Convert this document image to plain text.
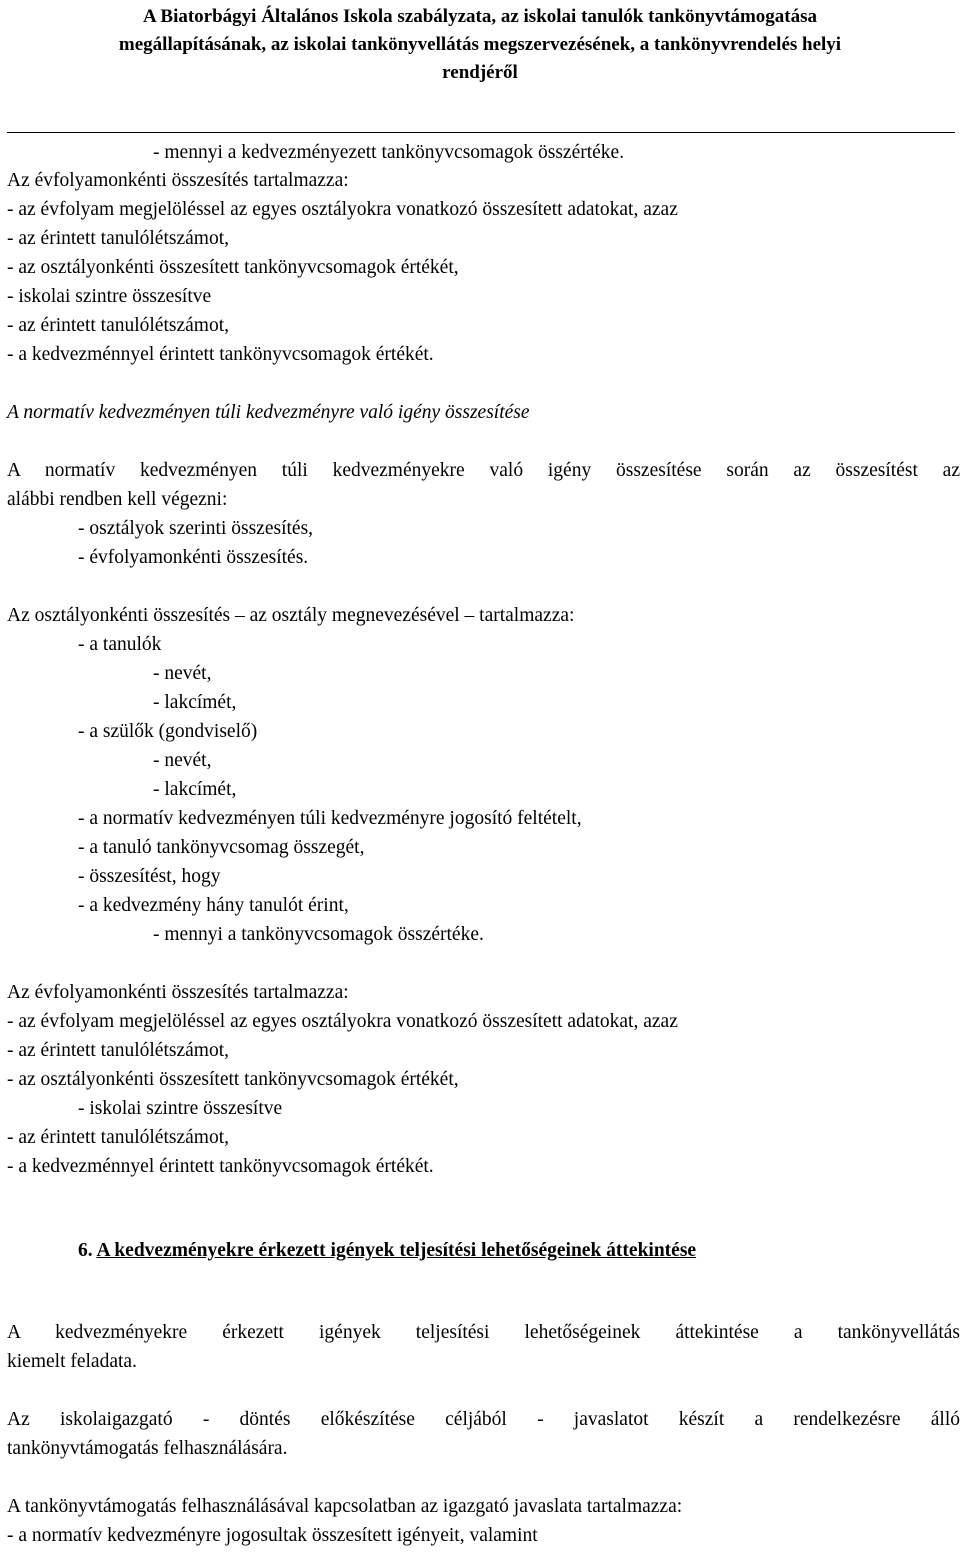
A Biatorbágyi Általános Iskola szabályzata, az iskolai tanulók tankönyvtámogatása
megállapításának, az iskolai tankönyvellátás megszervezésének, a tankönyvrendelés helyi
rendjéről
- mennyi a kedvezményezett tankönyvcsomagok összértéke.
Az évfolyamonkénti összesítés tartalmazza:
- az évfolyam megjelöléssel az egyes osztályokra vonatkozó összesített adatokat, azaz
- az érintett tanulólétszámot,
- az osztályonkénti összesített tankönyvcsomagok értékét,
- iskolai szintre összesítve
- az érintett tanulólétszámot,
- a kedvezménnyel érintett tankönyvcsomagok értékét.
A normatív kedvezményen túli kedvezményre való igény összesítése
A normatív kedvezményen túli kedvezményekre való igény összesítése során az összesítést az
alábbi rendben kell végezni:
- osztályok szerinti összesítés,
- évfolyamonkénti összesítés.
Az osztályonkénti összesítés – az osztály megnevezésével – tartalmazza:
- a tanulók
- nevét,
- lakcímét,
- a szülők (gondviselő)
- nevét,
- lakcímét,
- a normatív kedvezményen túli kedvezményre jogosító feltételt,
- a tanuló tankönyvcsomag összegét,
- összesítést, hogy
- a kedvezmény hány tanulót érint,
- mennyi a tankönyvcsomagok összértéke.
Az évfolyamonkénti összesítés tartalmazza:
- az évfolyam megjelöléssel az egyes osztályokra vonatkozó összesített adatokat, azaz
- az érintett tanulólétszámot,
- az osztályonkénti összesített tankönyvcsomagok értékét,
- iskolai szintre összesítve
- az érintett tanulólétszámot,
- a kedvezménnyel érintett tankönyvcsomagok értékét.
6. A kedvezményekre érkezett igények teljesítési lehetőségeinek áttekintése
A kedvezményekre érkezett igények teljesítési lehetőségeinek áttekintése a tankönyvellátás
kiemelt feladata.
Az iskolaigazgató - döntés előkészítése céljából - javaslatot készít a rendelkezésre álló
tankönyvtámogatás felhasználására.
A tankönyvtámogatás felhasználásával kapcsolatban az igazgató javaslata tartalmazza:
- a normatív kedvezményre jogosultak összesített igényeit, valamint
